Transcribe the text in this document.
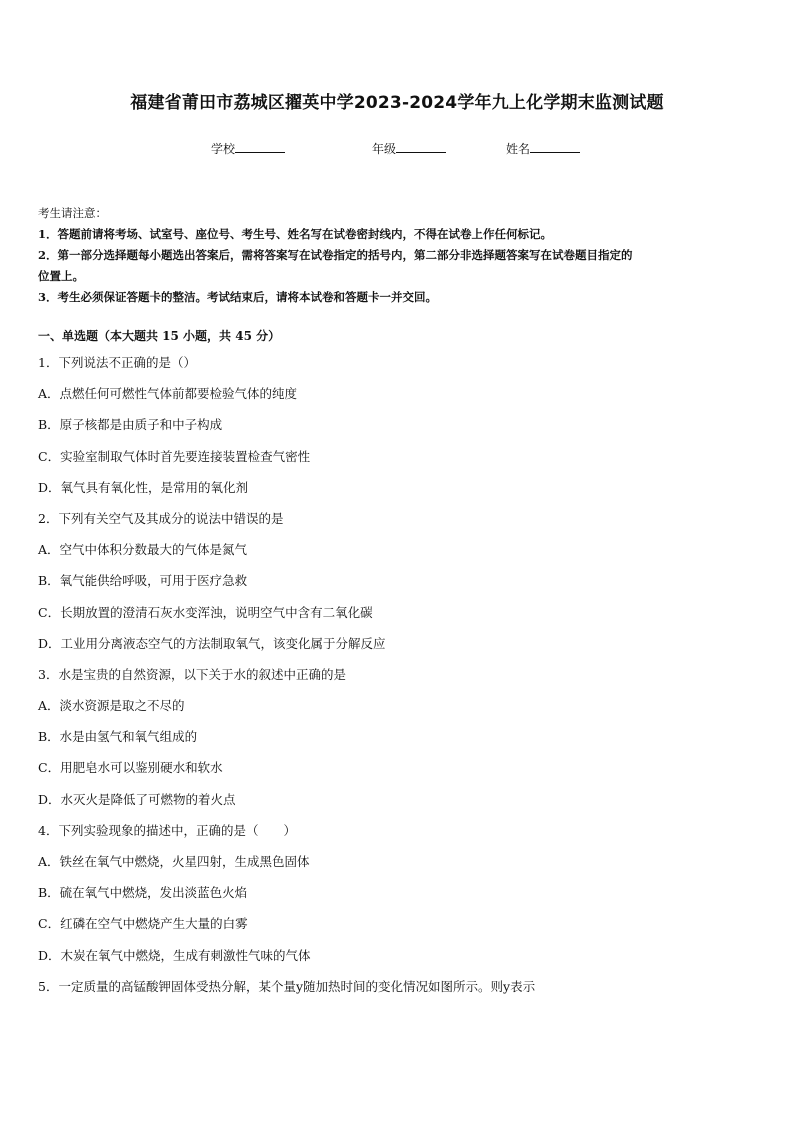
福建省莆田市荔城区擢英中学2023-2024学年九上化学期末监测试题
学校	年级	姓名

考生请注意：

1．答题前请将考场、试室号、座位号、考生号、姓名写在试卷密封线内，不得在试卷上作任何标记。

2．第一部分选择题每小题选出答案后，需将答案写在试卷指定的括号内，第二部分非选择题答案写在试卷题目指定的

位置上。

3．考生必须保证答题卡的整洁。考试结束后，请将本试卷和答题卡一并交回。

一、单选题（本大题共 15 小题，共 45 分）
1．下列说法不正确的是（）
A．点燃任何可燃性气体前都要检验气体的纯度
B．原子核都是由质子和中子构成
C．实验室制取气体时首先要连接装置检查气密性
D．氧气具有氧化性，是常用的氧化剂
2．下列有关空气及其成分的说法中错误的是
A．空气中体积分数最大的气体是氮气
B．氧气能供给呼吸，可用于医疗急救
C．长期放置的澄清石灰水变浑浊，说明空气中含有二氧化碳
D．工业用分离液态空气的方法制取氧气，该变化属于分解反应
3．水是宝贵的自然资源，以下关于水的叙述中正确的是
A．淡水资源是取之不尽的
B．水是由氢气和氧气组成的
C．用肥皂水可以鉴别硬水和软水
D．水灭火是降低了可燃物的着火点
4．下列实验现象的描述中，正确的是（　　）
A．铁丝在氧气中燃烧，火星四射，生成黑色固体
B．硫在氧气中燃烧，发出淡蓝色火焰
C．红磷在空气中燃烧产生大量的白雾
D．木炭在氧气中燃烧，生成有刺激性气味的气体
5．一定质量的高锰酸钾固体受热分解，某个量y随加热时间的变化情况如图所示。则y表示
